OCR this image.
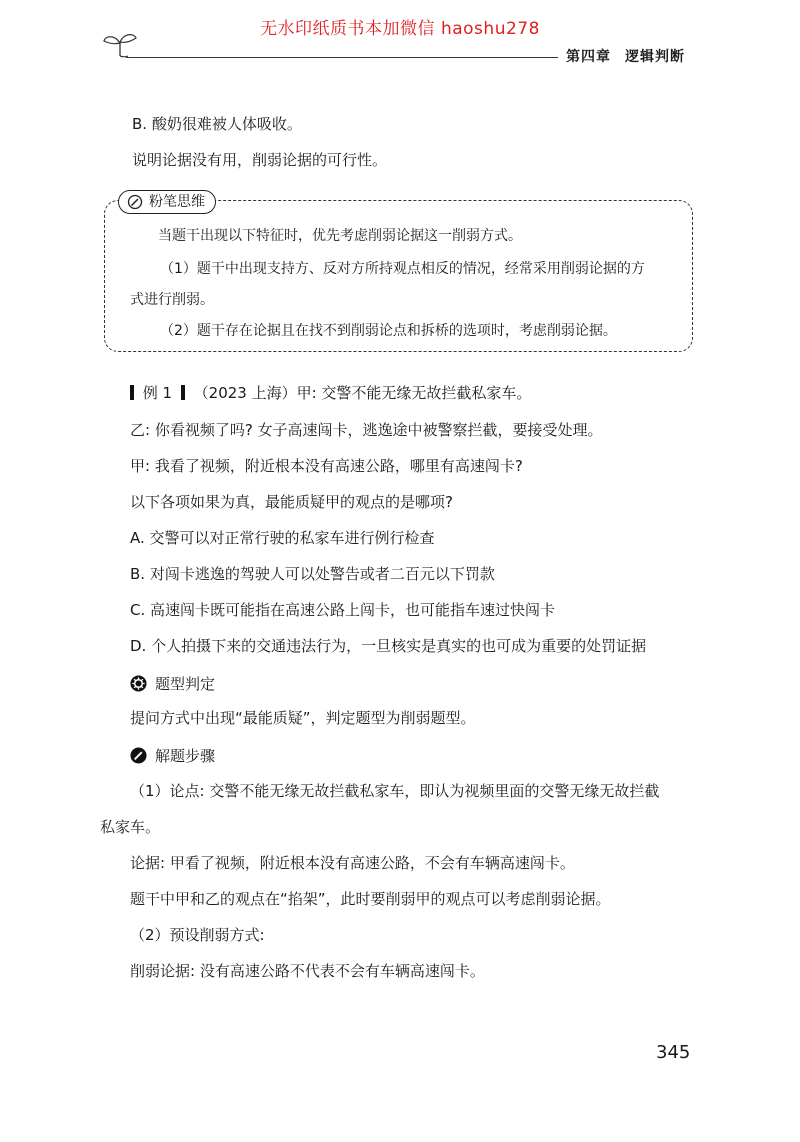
无水印纸质书本加微信 haoshu278
第四章 逻辑判断
B. 酸奶很难被人体吸收。
说明论据没有用，削弱论据的可行性。
粉笔思维
当题干出现以下特征时，优先考虑削弱论据这一削弱方式。
（1）题干中出现支持方、反对方所持观点相反的情况，经常采用削弱论据的方
式进行削弱。
（2）题干存在论据且在找不到削弱论点和拆桥的选项时，考虑削弱论据。
例 1 （2023 上海）甲: 交警不能无缘无故拦截私家车。
乙: 你看视频了吗? 女子高速闯卡，逃逸途中被警察拦截，要接受处理。
甲: 我看了视频，附近根本没有高速公路，哪里有高速闯卡?
以下各项如果为真，最能质疑甲的观点的是哪项?
A. 交警可以对正常行驶的私家车进行例行检查
B. 对闯卡逃逸的驾驶人可以处警告或者二百元以下罚款
C. 高速闯卡既可能指在高速公路上闯卡，也可能指车速过快闯卡
D. 个人拍摄下来的交通违法行为，一旦核实是真实的也可成为重要的处罚证据
题型判定
提问方式中出现“最能质疑”，判定题型为削弱题型。
解题步骤
（1）论点: 交警不能无缘无故拦截私家车，即认为视频里面的交警无缘无故拦截
私家车。
论据: 甲看了视频，附近根本没有高速公路，不会有车辆高速闯卡。
题干中甲和乙的观点在“掐架”，此时要削弱甲的观点可以考虑削弱论据。
（2）预设削弱方式:
削弱论据: 没有高速公路不代表不会有车辆高速闯卡。
345
